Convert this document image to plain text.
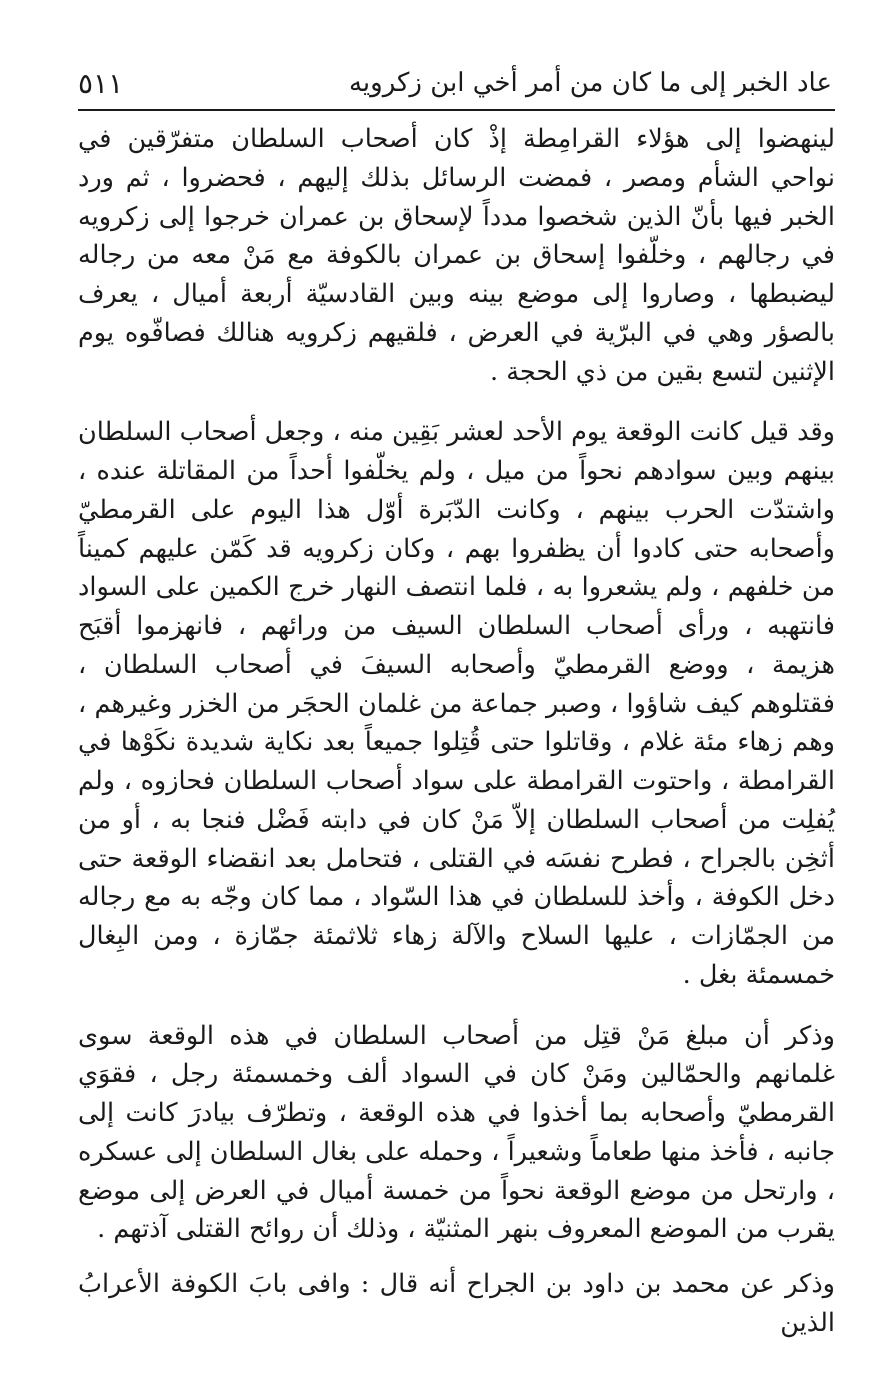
عاد الخبر إلى ما كان من أمر أخي ابن زكرويه
٥١١

لينهضوا إلى هؤلاء القرامِطة إذْ كان أصحاب السلطان متفرّقين في نواحي الشأم ومصر ، فمضت الرسائل بذلك إليهم ، فحضروا ، ثم ورد الخبر فيها بأنّ الذين شخصوا مدداً لإسحاق بن عمران خرجوا إلى زكرويه في رجالهم ، وخلّفوا إسحاق بن عمران بالكوفة مع مَنْ معه من رجاله ليضبطها ، وصاروا إلى موضع بينه وبين القادسيّة أربعة أميال ، يعرف بالصؤر وهي في البرّية في العرض ، فلقيهم زكرويه هنالك فصافّوه يوم الإثنين لتسع بقين من ذي الحجة .

وقد قيل كانت الوقعة يوم الأحد لعشر بَقِين منه ، وجعل أصحاب السلطان بينهم وبين سوادهم نحواً من ميل ، ولم يخلّفوا أحداً من المقاتلة عنده ، واشتدّت الحرب بينهم ، وكانت الدّبَرة أوّل هذا اليوم على القرمطيّ وأصحابه حتى كادوا أن يظفروا بهم ، وكان زكرويه قد كَمّن عليهم كميناً من خلفهم ، ولم يشعروا به ، فلما انتصف النهار خرج الكمين على السواد فانتهبه ، ورأى أصحاب السلطان السيف من ورائهم ، فانهزموا أقبَح هزيمة ، ووضع القرمطيّ وأصحابه السيفَ في أصحاب السلطان ، فقتلوهم كيف شاؤوا ، وصبر جماعة من غلمان الحجَر من الخزر وغيرهم ، وهم زهاء مئة غلام ، وقاتلوا حتى قُتِلوا جميعاً بعد نكاية شديدة نكَوْها في القرامطة ، واحتوت القرامطة على سواد أصحاب السلطان فحازوه ، ولم يُفلِت من أصحاب السلطان إلاّ مَنْ كان في دابته فَضْل فنجا به ، أو من أثخِن بالجراح ، فطرح نفسَه في القتلى ، فتحامل بعد انقضاء الوقعة حتى دخل الكوفة ، وأخذ للسلطان في هذا السّواد ، مما كان وجّه به مع رجاله من الجمّازات ، عليها السلاح والآلة زهاء ثلاثمئة جمّازة ، ومن البِغال خمسمئة بغل .

وذكر أن مبلغ مَنْ قتِل من أصحاب السلطان في هذه الوقعة سوى غلمانهم والحمّالين ومَنْ كان في السواد ألف وخمسمئة رجل ، فقوَي القرمطيّ وأصحابه بما أخذوا في هذه الوقعة ، وتطرّف بيادرَ كانت إلى جانبه ، فأخذ منها طعاماً وشعيراً ، وحمله على بغال السلطان إلى عسكره ، وارتحل من موضع الوقعة نحواً من خمسة أميال في العرض إلى موضع يقرب من الموضع المعروف بنهر المثنيّة ، وذلك أن روائح القتلى آذتهم .

وذكر عن محمد بن داود بن الجراح أنه قال : وافى بابَ الكوفة الأعرابُ الذين
